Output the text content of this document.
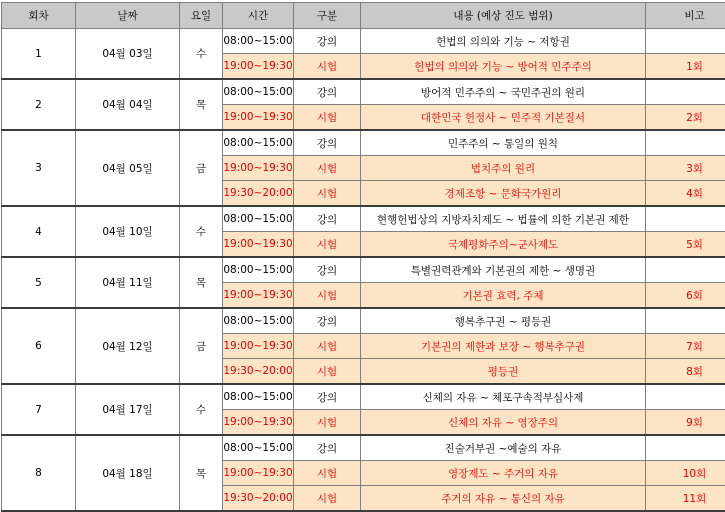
회차	날짜	요일	시간	구분	내용 (예상 진도 범위)	비고
1	04월 03일	수	08:00~15:00	강의	헌법의 의의와 기능 ~ 저항권	
			19:00~19:30	시험	헌법의 의의와 기능 ~ 방어적 민주주의	1회
2	04월 04일	목	08:00~15:00	강의	방어적 민주주의 ~ 국민주권의 원리	
			19:00~19:30	시험	대한민국 헌정사 ~ 민주적 기본질서	2회
3	04월 05일	금	08:00~15:00	강의	민주주의 ~ 통일의 원칙	
			19:00~19:30	시험	법치주의 원리	3회
			19:30~20:00	시험	경제조항 ~ 문화국가원리	4회
4	04월 10일	수	08:00~15:00	강의	현행헌법상의 지방자치제도 ~ 법률에 의한 기본권 제한	
			19:00~19:30	시험	국제평화주의~군사제도	5회
5	04월 11일	목	08:00~15:00	강의	특별권력관계와 기본권의 제한 ~ 생명권	
			19:00~19:30	시험	기본권 효력, 주체	6회
6	04월 12일	금	08:00~15:00	강의	행복추구권 ~ 평등권	
			19:00~19:30	시험	기본권의 제한과 보장 ~ 행복추구권	7회
			19:30~20:00	시험	평등권	8회
7	04월 17일	수	08:00~15:00	강의	신체의 자유 ~ 체포구속적부심사제	
			19:00~19:30	시험	신체의 자유 ~ 영장주의	9회
8	04월 18일	목	08:00~15:00	강의	진술거부권 ~예술의 자유	
			19:00~19:30	시험	영장제도 ~ 주거의 자유	10회
			19:30~20:00	시험	주거의 자유 ~ 통신의 자유	11회
